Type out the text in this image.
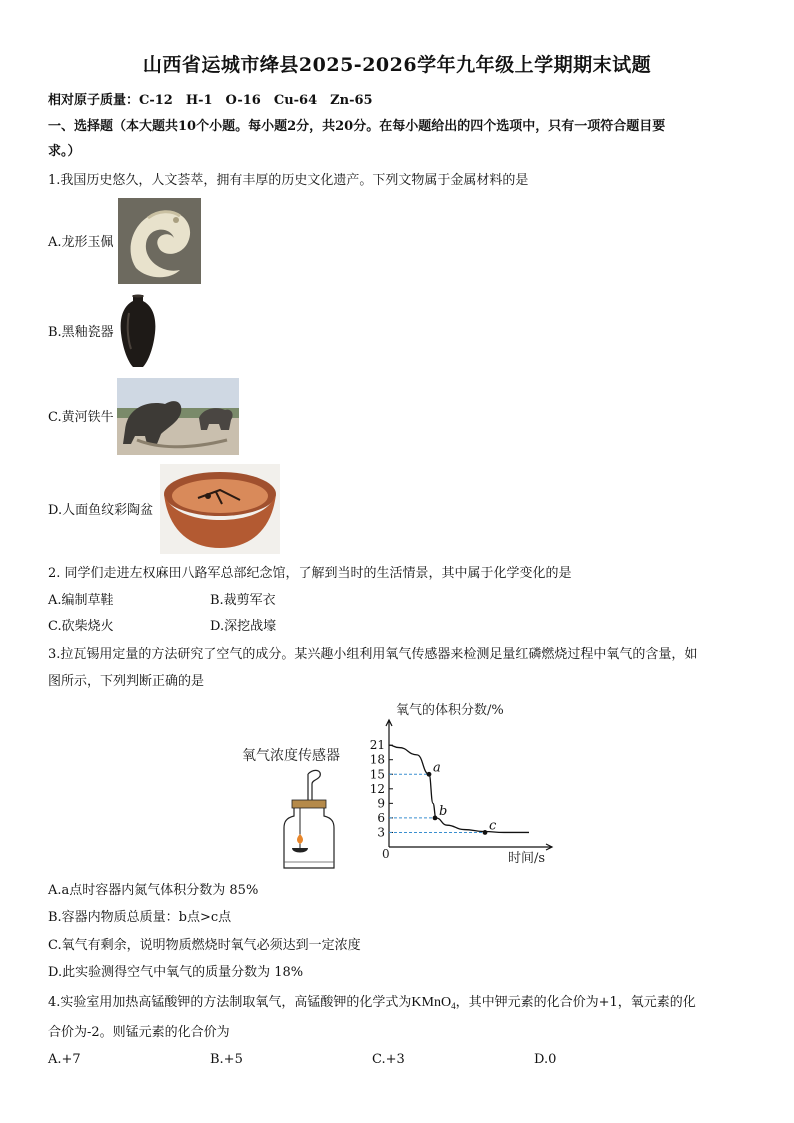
山西省运城市绛县2025-2026学年九年级上学期期末试题
相对原子质量：C-12　H-1　O-16　Cu-64　Zn-65
一、选择题（本大题共10个小题。每小题2分，共20分。在每小题给出的四个选项中，只有一项符合题目要
求。）
1.我国历史悠久，人文荟萃，拥有丰厚的历史文化遗产。下列文物属于金属材料的是
A.龙形玉佩
B.黑釉瓷器
C.黄河铁牛
D.人面鱼纹彩陶盆
2. 同学们走进左权麻田八路军总部纪念馆，了解到当时的生活情景，其中属于化学变化的是
A.编制草鞋	B.裁剪军衣
C.砍柴烧火	D.深挖战壕
3.拉瓦锡用定量的方法研究了空气的成分。某兴趣小组利用氧气传感器来检测足量红磷燃烧过程中氧气的含量，如
图所示，下列判断正确的是
氧气浓度传感器
氧气的体积分数/%
时间/s
0
3
6
9
12
15
18
21
a
b
c
A.a点时容器内氮气体积分数为 85%
B.容器内物质总质量：b点>c点
C.氧气有剩余，说明物质燃烧时氧气必须达到一定浓度
D.此实验测得空气中氧气的质量分数为 18%
4.实验室用加热高锰酸钾的方法制取氧气，高锰酸钾的化学式为KMnO$_4$，其中钾元素的化合价为+1，氧元素的化
合价为-2。则锰元素的化合价为
A.+7	B.+5	C.+3	D.0
